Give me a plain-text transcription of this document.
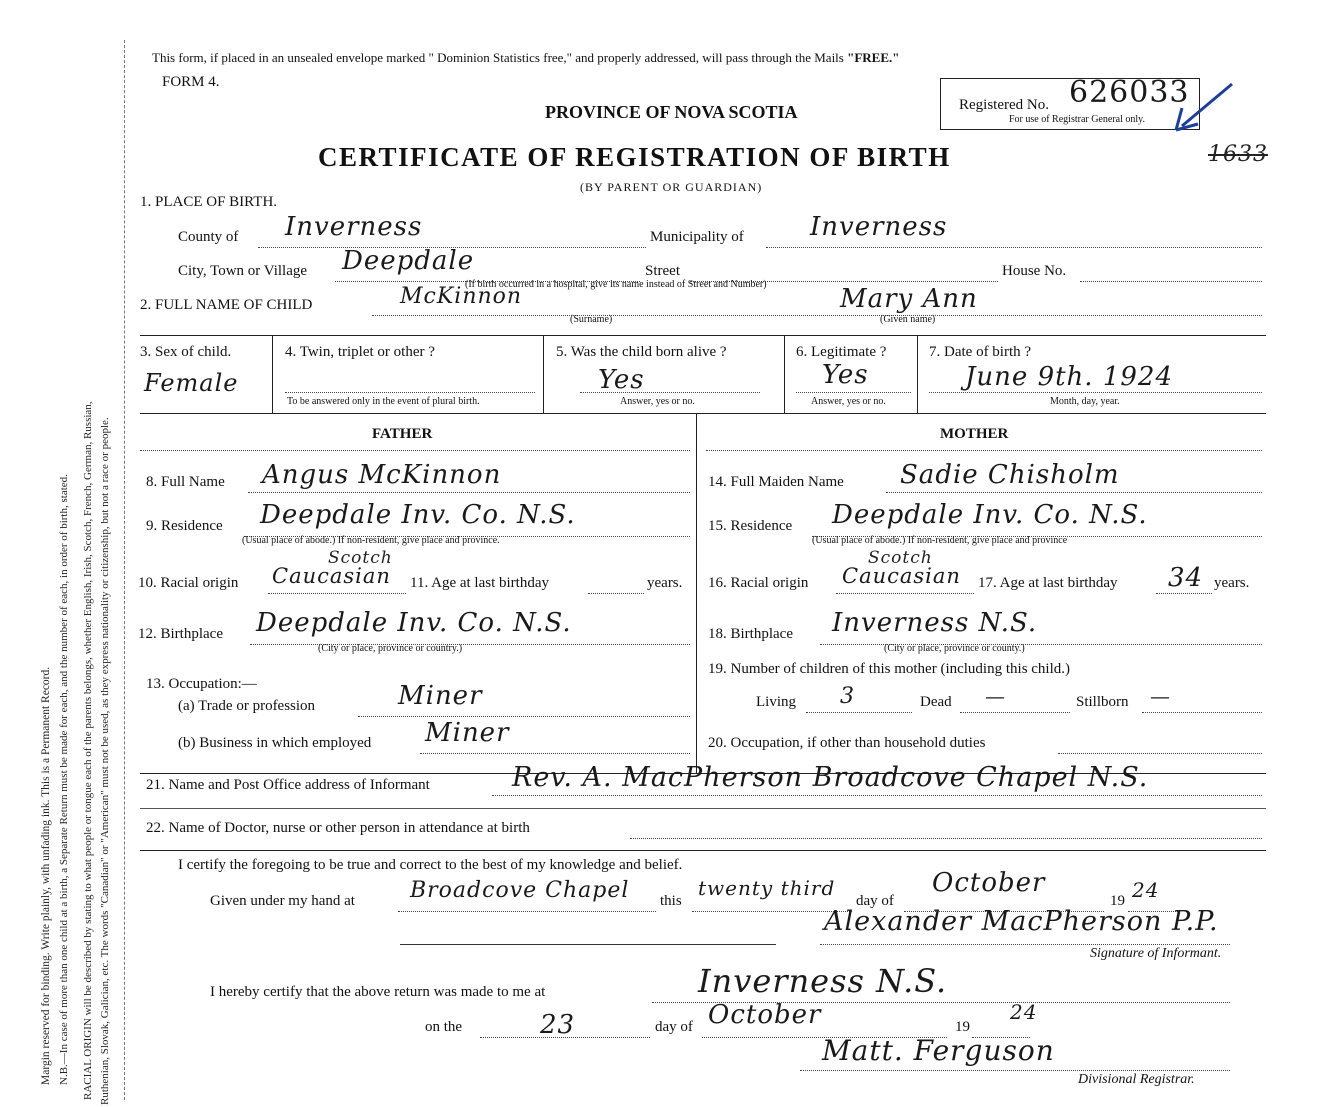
Margin reserved for binding. Write plainly, with unfading ink. This is a Permanent Record. N.B.—In case of more than one child at a birth, a Separate Return must be made for each, and the number of each, in order of birth, stated. RACIAL ORIGIN will be described by stating to what people or tongue each of the parents belongs, whether English, Irish, Scotch, French, German, Russian, Ruthenian, Slovak, Galician, etc. The words "Canadian" or "American" must not be used, as they express nationality or citizenship, but not a race or people.
This form, if placed in an unsealed envelope marked " Dominion Statistics free," and properly addressed, will pass through the Mails "FREE."
FORM 4.
PROVINCE OF NOVA SCOTIA
CERTIFICATE OF REGISTRATION OF BIRTH
(BY PARENT OR GUARDIAN)
Registered No. 626033
For use of Registrar General only.
1633
1. PLACE OF BIRTH.
County of Inverness	Municipality of	Inverness
City, Town or Village Deepdale	Street
(If birth occurred in a hospital, give its name instead of Street and Number)
House No.
2. FULL NAME OF CHILD	McKinnon
(Surname)
Mary Ann
(Given name)
3. Sex of child.
Female
4. Twin, triplet or other ?
To be answered only in the event of plural birth.
5. Was the child born alive ?
Yes
Answer, yes or no.
6. Legitimate ?
Yes
Answer, yes or no.
7. Date of birth ?
June 9th. 1924
Month, day, year.
FATHER	MOTHER
8. Full Name Angus McKinnon
9. Residence Deepdale Inv. Co. N.S.
(Usual place of abode.) If non-resident, give place and province.
10. Racial origin
Scotch
Caucasian 11. Age at last birthday	years.
12. Birthplace Deepdale Inv. Co. N.S.
(City or place, province or country.)
13. Occupation:—
(a) Trade or profession	Miner
(b) Business in which employed Miner
14. Full Maiden Name Sadie Chisholm
15. Residence Deepdale Inv. Co. N.S.
(Usual place of abode.) If non-resident, give place and province
16. Racial origin
Scotch
Caucasian 17. Age at last birthday 34 years.
18. Birthplace Inverness N.S.
(City or place, province or county.)
19. Number of children of this mother (including this child.)
Living 3	Dead —	Stillborn —
20. Occupation, if other than household duties
21. Name and Post Office address of Informant	Rev. A. MacPherson Broadcove Chapel N.S.
22. Name of Doctor, nurse or other person in attendance at birth
I certify the foregoing to be true and correct to the best of my knowledge and belief.
Given under my hand at	Broadcove Chapel this
twenty third
day of
October
19 24
Alexander MacPherson P.P.
Signature of Informant.
I hereby certify that the above return was made to me at	Inverness N.S.
on the	23	day of October	19
24
Matt. Ferguson
Divisional Registrar.
